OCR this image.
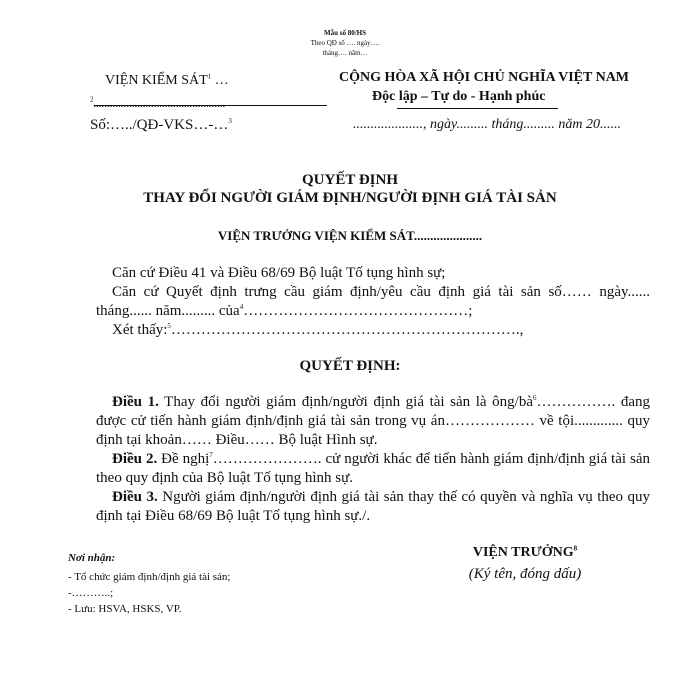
Mẫu số 80/HS
Theo QĐ số …. ngày….
tháng…. năm…
VIỆN KIỂM SÁT$^1$ …
$^2$................................................
Số:…../QĐ-VKS…-…$^3$
CỘNG HÒA XÃ HỘI CHỦ NGHĨA VIỆT NAM
Độc lập – Tự do - Hạnh phúc
...................., ngày......... tháng......... năm 20......
QUYẾT ĐỊNH
THAY ĐỔI NGƯỜI GIÁM ĐỊNH/NGƯỜI ĐỊNH GIÁ TÀI SẢN
VIỆN TRƯỞNG VIỆN KIỂM SÁT.....................
Căn cứ Điều 41 và Điều 68/69 Bộ luật Tố tụng hình sự;
Căn cứ Quyết định trưng cầu giám định/yêu cầu định giá tài sản số…… ngày...... tháng...... năm......... của$^4$………………………………………;
Xét thấy:$^5$…………………………………………………………….,
QUYẾT ĐỊNH:
Điều 1. Thay đổi người giám định/người định giá tài sản là ông/$bà^6\dots\dots\dots\dots\dots$. đang được cử tiến hành giám định/định giá tài sản trong vụ án……………… về tội............. quy định tại khoản…… Điều…… Bộ luật Hình sự.
Điều 2. Đề nghị$^7$…………………. cử người khác để tiến hành giám định/định giá tài sản theo quy định của Bộ luật Tố tụng hình sự.
Điều 3. Người giám định/người định giá tài sản thay thế có quyền và nghĩa vụ theo quy định tại Điều 68/69 Bộ luật Tố tụng hình sự./.
Nơi nhận:
- Tổ chức giám định/định giá tài sản;
-………..;
- Lưu: HSVA, HSKS, VP.
VIỆN TRƯỞNG$^8$
(Ký tên, đóng dấu)
